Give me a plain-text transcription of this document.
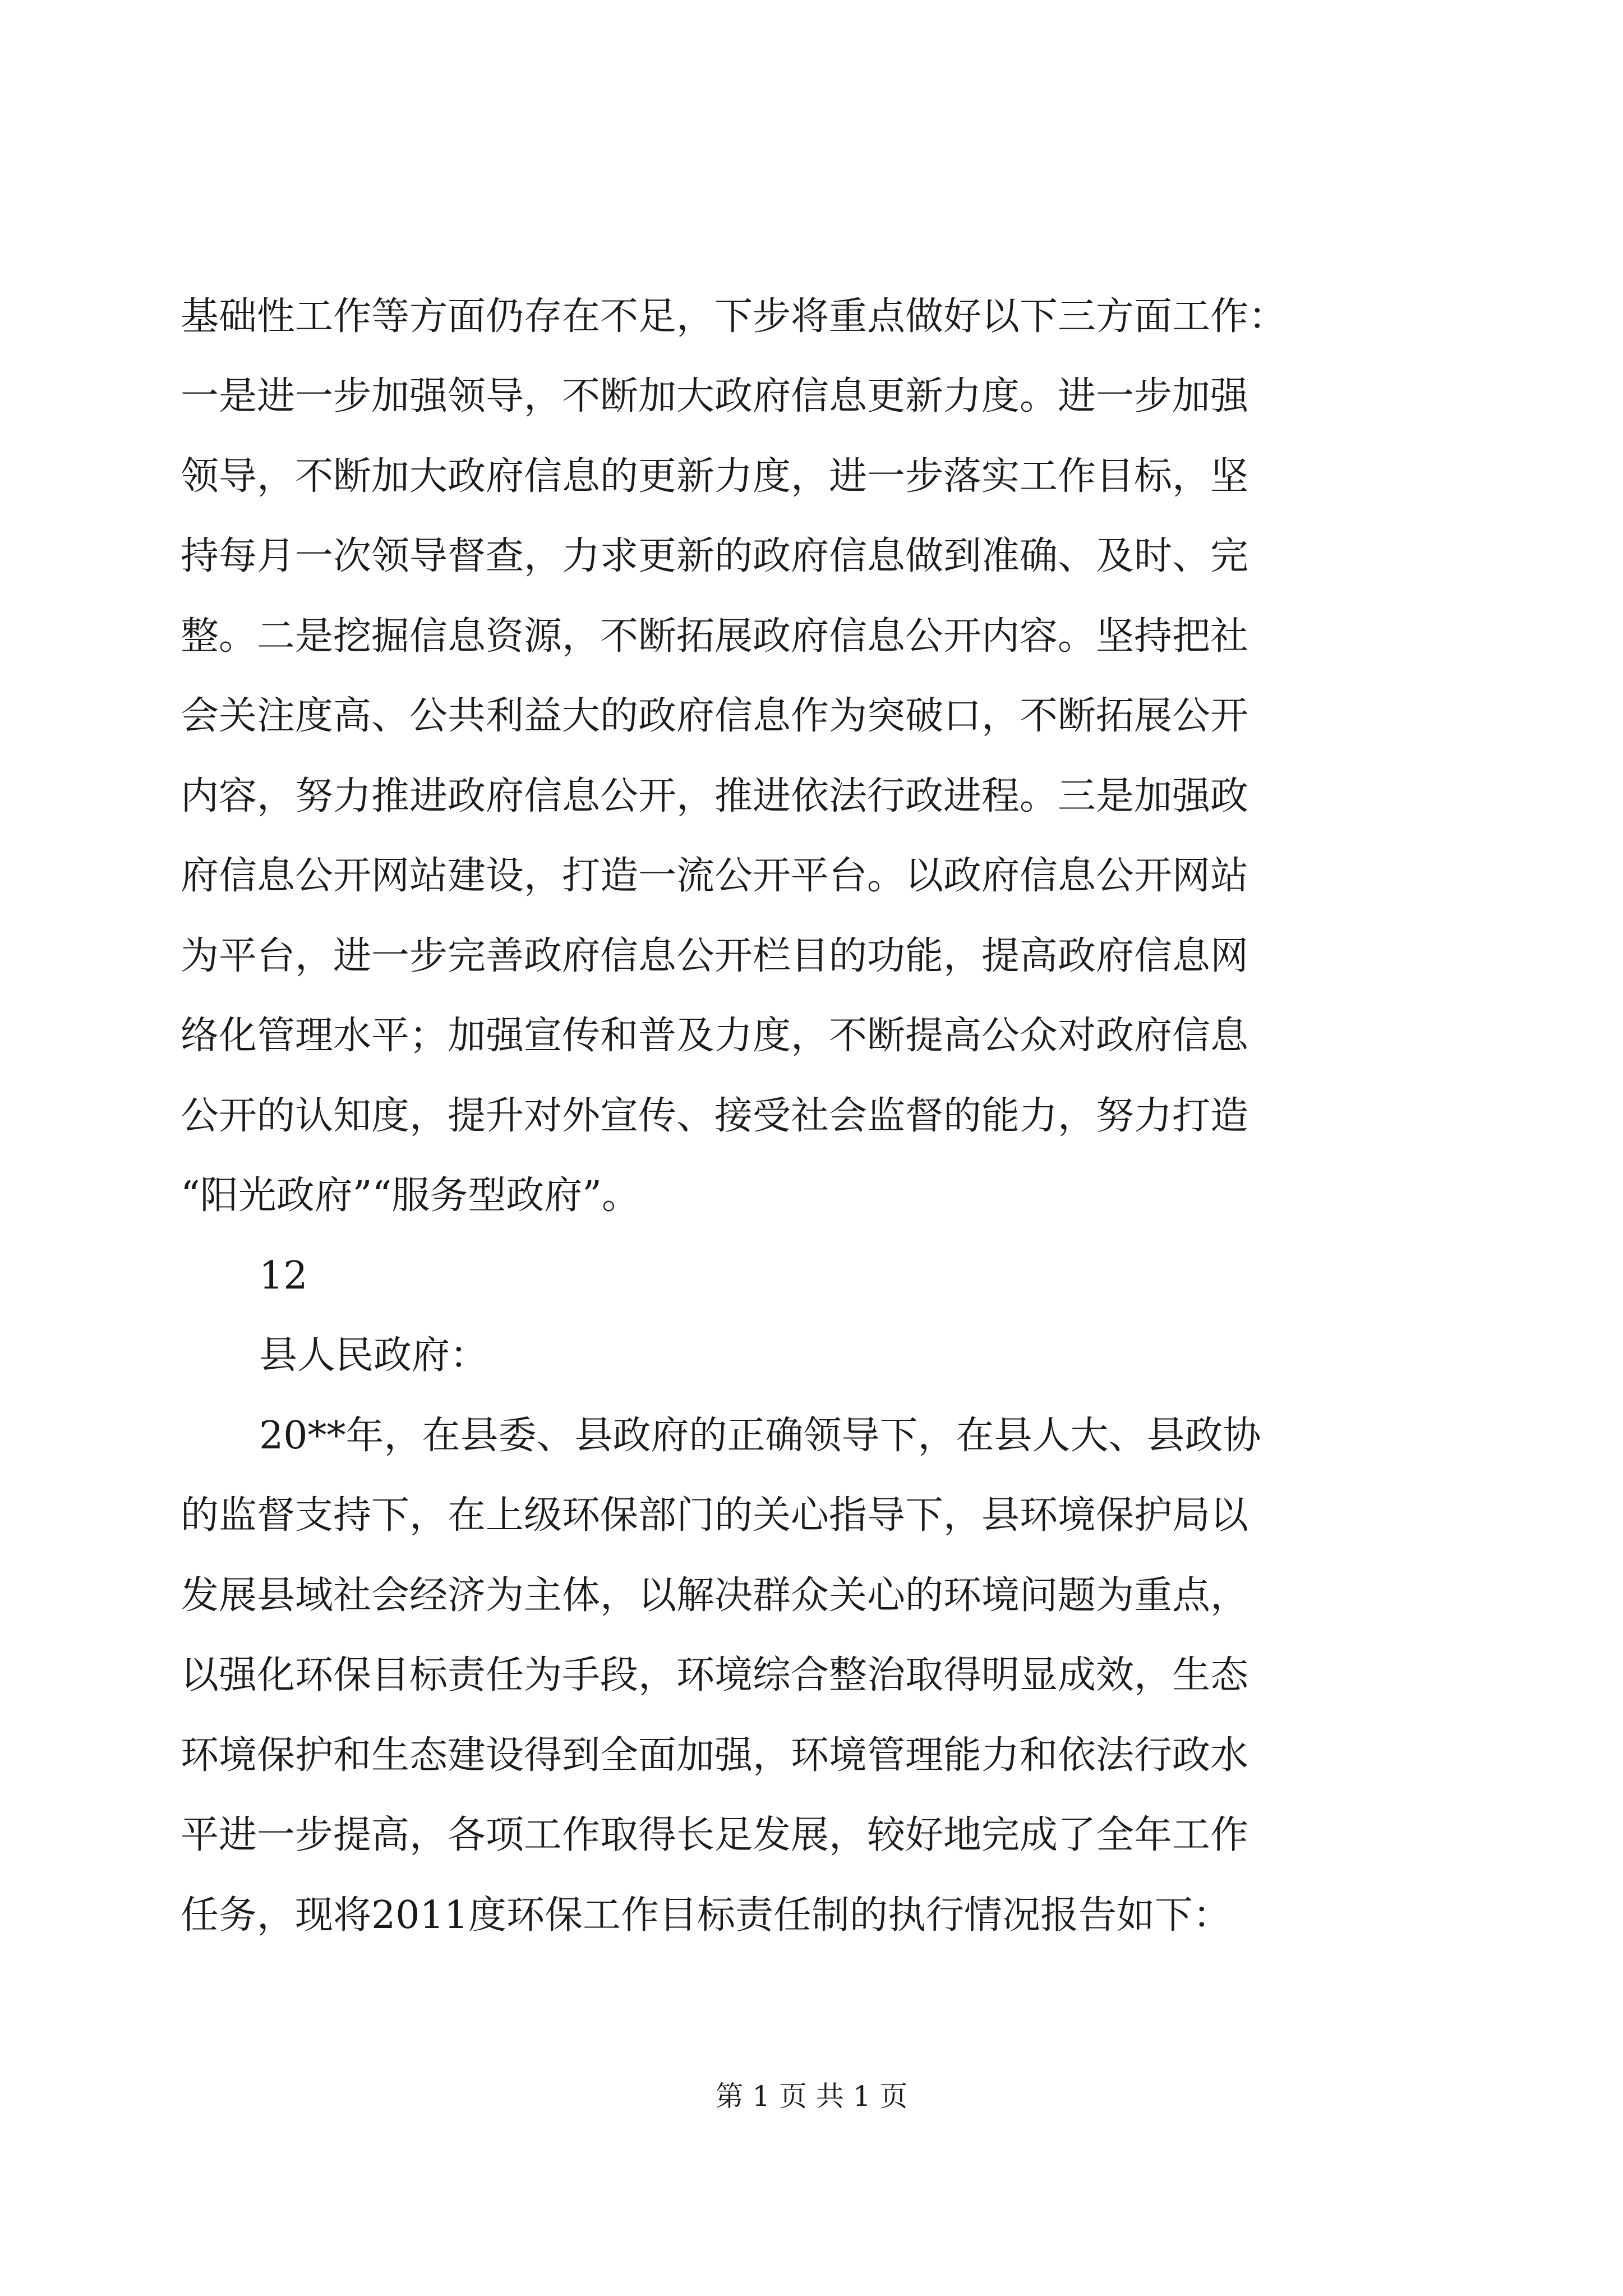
基础性工作等方面仍存在不足，下步将重点做好以下三方面工作：
一是进一步加强领导，不断加大政府信息更新力度。进一步加强
领导，不断加大政府信息的更新力度，进一步落实工作目标，坚
持每月一次领导督查，力求更新的政府信息做到准确、及时、完
整。二是挖掘信息资源，不断拓展政府信息公开内容。坚持把社
会关注度高、公共利益大的政府信息作为突破口，不断拓展公开
内容，努力推进政府信息公开，推进依法行政进程。三是加强政
府信息公开网站建设，打造一流公开平台。以政府信息公开网站
为平台，进一步完善政府信息公开栏目的功能，提高政府信息网
络化管理水平；加强宣传和普及力度，不断提高公众对政府信息
公开的认知度，提升对外宣传、接受社会监督的能力，努力打造
“阳光政府”“服务型政府”。
12
县人民政府：
20**年，在县委、县政府的正确领导下，在县人大、县政协
的监督支持下，在上级环保部门的关心指导下，县环境保护局以
发展县域社会经济为主体，以解决群众关心的环境问题为重点，
以强化环保目标责任为手段，环境综合整治取得明显成效，生态
环境保护和生态建设得到全面加强，环境管理能力和依法行政水
平进一步提高，各项工作取得长足发展，较好地完成了全年工作
任务，现将2011度环保工作目标责任制的执行情况报告如下：
第 1 页 共 1 页
